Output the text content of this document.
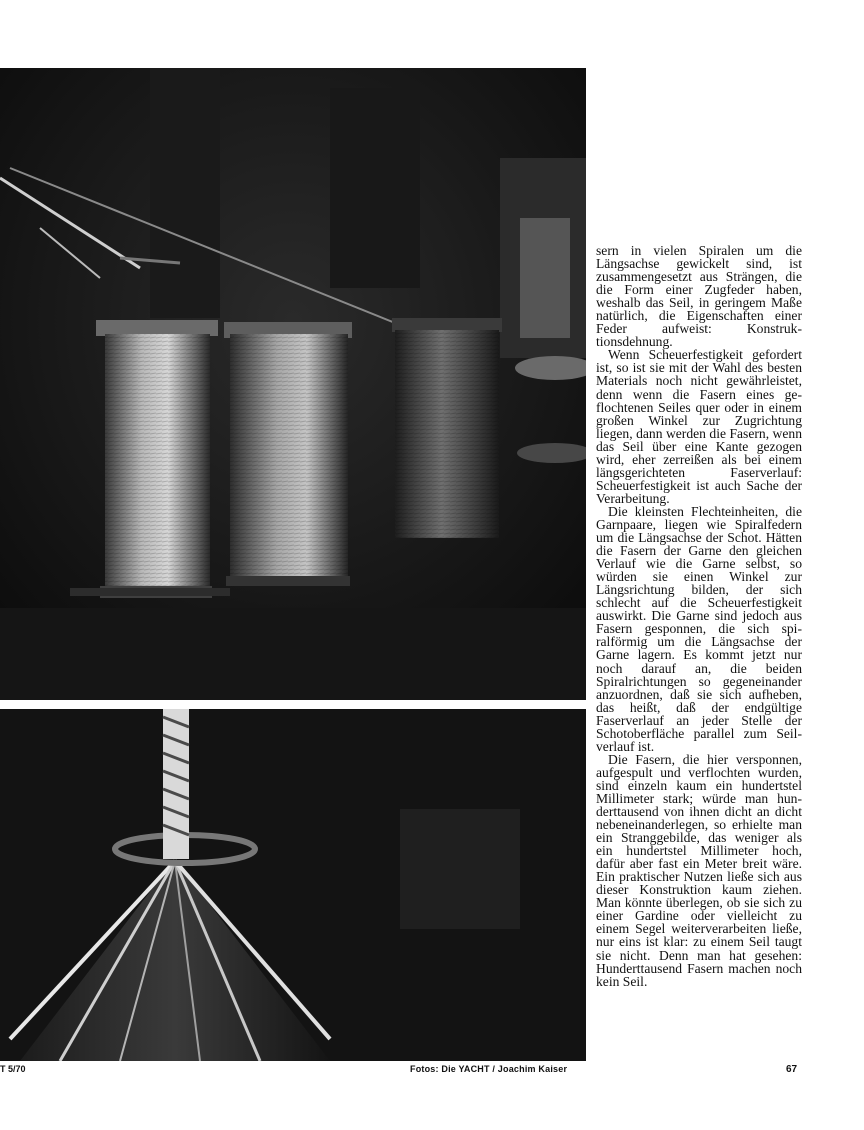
sern in vielen Spiralen um die Längsachse gewickelt sind, ist zusammengesetzt aus Strängen, die die Form einer Zugfeder haben, weshalb das Seil, in geringem Maße natürlich, die Eigenschaften einer Feder aufweist: Konstruktionsdehnung.

Wenn Scheuerfestigkeit gefordert ist, so ist sie mit der Wahl des besten Materials noch nicht gewährleistet, denn wenn die Fasern eines geflochtenen Seiles quer oder in einem großen Winkel zur Zugrichtung liegen, dann werden die Fasern, wenn das Seil über eine Kante gezogen wird, eher zerreißen als bei einem längsgerichteten Faserverlauf: Scheuerfestigkeit ist auch Sache der Verarbeitung.

Die kleinsten Flechteinheiten, die Garnpaare, liegen wie Spiralfedern um die Längsachse der Schot. Hätten die Fasern der Garne den gleichen Verlauf wie die Garne selbst, so würden sie einen Winkel zur Längsrichtung bilden, der sich schlecht auf die Scheuerfestigkeit auswirkt. Die Garne sind jedoch aus Fasern gesponnen, die sich spiralförmig um die Längsachse der Garne lagern. Es kommt jetzt nur noch darauf an, die beiden Spiralrichtungen so gegeneinander anzuordnen, daß sie sich aufheben, das heißt, daß der endgültige Faserverlauf an jeder Stelle der Schotoberfläche parallel zum Seilverlauf ist.

Die Fasern, die hier versponnen, aufgespult und verflochten wurden, sind einzeln kaum ein hundertstel Millimeter stark; würde man hunderttausend von ihnen dicht an dicht nebeneinanderlegen, so erhielte man ein Stranggebilde, das weniger als ein hundertstel Millimeter hoch, dafür aber fast ein Meter breit wäre. Ein praktischer Nutzen ließe sich aus dieser Konstruktion kaum ziehen. Man könnte überlegen, ob sie sich zu einer Gardine oder vielleicht zu einem Segel weiterverarbeiten ließe, nur eins ist klar: zu einem Seil taugt sie nicht. Denn man hat gesehen: Hunderttausend Fasern machen noch kein Seil.

T 5/70	Fotos: Die YACHT / Joachim Kaiser	67
